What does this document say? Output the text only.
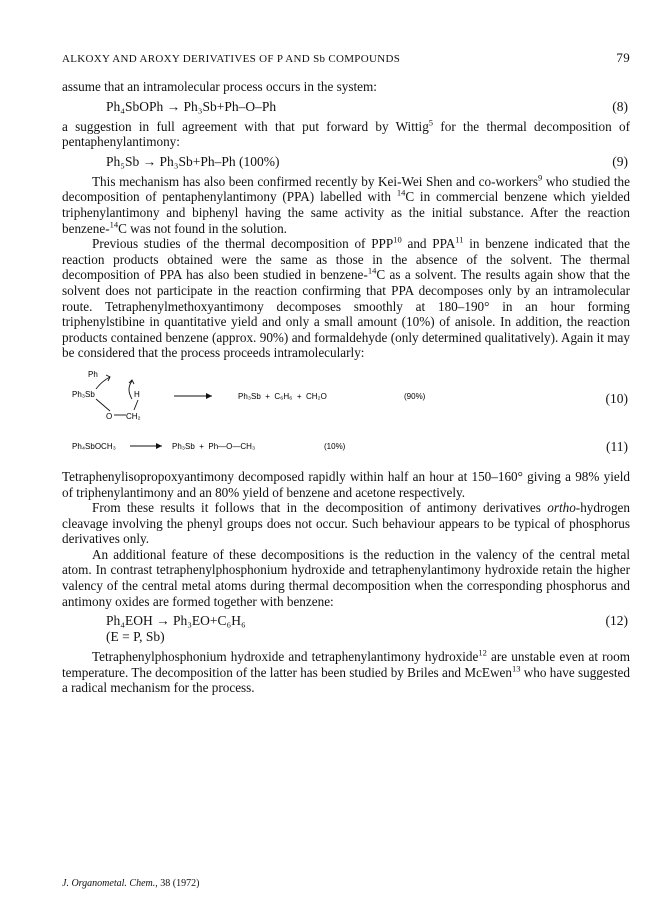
ALKOXY AND AROXY DERIVATIVES OF P AND Sb COMPOUNDS	79

assume that an intramolecular process occurs in the system:

Ph₄SbOPh → Ph₃Sb+Ph–O–Ph	(8)

a suggestion in full agreement with that put forward by Wittig$^5$ for the thermal decomposition of pentaphenylantimony:

Ph₅Sb → Ph₃Sb+Ph–Ph (100%)	(9)

This mechanism has also been confirmed recently by Kei-Wei Shen and co-workers$^9$ who studied the decomposition of pentaphenylantimony (PPA) labelled with $^{14}$C in commercial benzene which yielded triphenylantimony and biphenyl having the same activity as the initial substance. After the reaction benzene-$^{14}$C was not found in the solution.

Previous studies of the thermal decomposition of PPP$^{10}$ and PPA$^{11}$ in benzene indicated that the reaction products obtained were the same as those in the absence of the solvent. The thermal decomposition of PPA has also been studied in benzene-$^{14}$C as a solvent. The results again show that the solvent does not participate in the reaction confirming that PPA decomposes only by an intramolecular route. Tetraphenylmethoxyantimony decomposes smoothly at 180–190° in an hour forming triphenylstibine in quantitative yield and only a small amount (10%) of anisole. In addition, the reaction products contained benzene (approx. 90%) and formaldehyde (only determined qualitatively). Again it may be considered that the process proceeds intramolecularly:

Ph
Ph₃Sb	H
O CH₂
Ph₃Sb  +  C₆H₆  +  CH₂O	(90%)
Ph₄SbOCH₃	Ph₃Sb  +  Ph—O—CH₃	(10%)
(10)
(11)

Tetraphenylisopropoxyantimony decomposed rapidly within half an hour at 150–160° giving a 98% yield of triphenylantimony and an 80% yield of benzene and acetone respectively.

From these results it follows that in the decomposition of antimony derivatives ortho-hydrogen cleavage involving the phenyl groups does not occur. Such behaviour appears to be typical of phosphorus derivatives only.

An additional feature of these decompositions is the reduction in the valency of the central metal atom. In contrast tetraphenylphosphonium hydroxide and tetraphenylantimony hydroxide retain the higher valency of the central metal atoms during thermal decomposition when the corresponding phosphorus and antimony oxides are formed together with benzene:

Ph₄EOH → Ph₃EO+C₆H₆	(12)
(E = P, Sb)

Tetraphenylphosphonium hydroxide and tetraphenylantimony hydroxide$^{12}$ are unstable even at room temperature. The decomposition of the latter has been studied by Briles and McEwen$^{13}$ who have suggested a radical mechanism for the process.

J. Organometal. Chem., 38 (1972)
